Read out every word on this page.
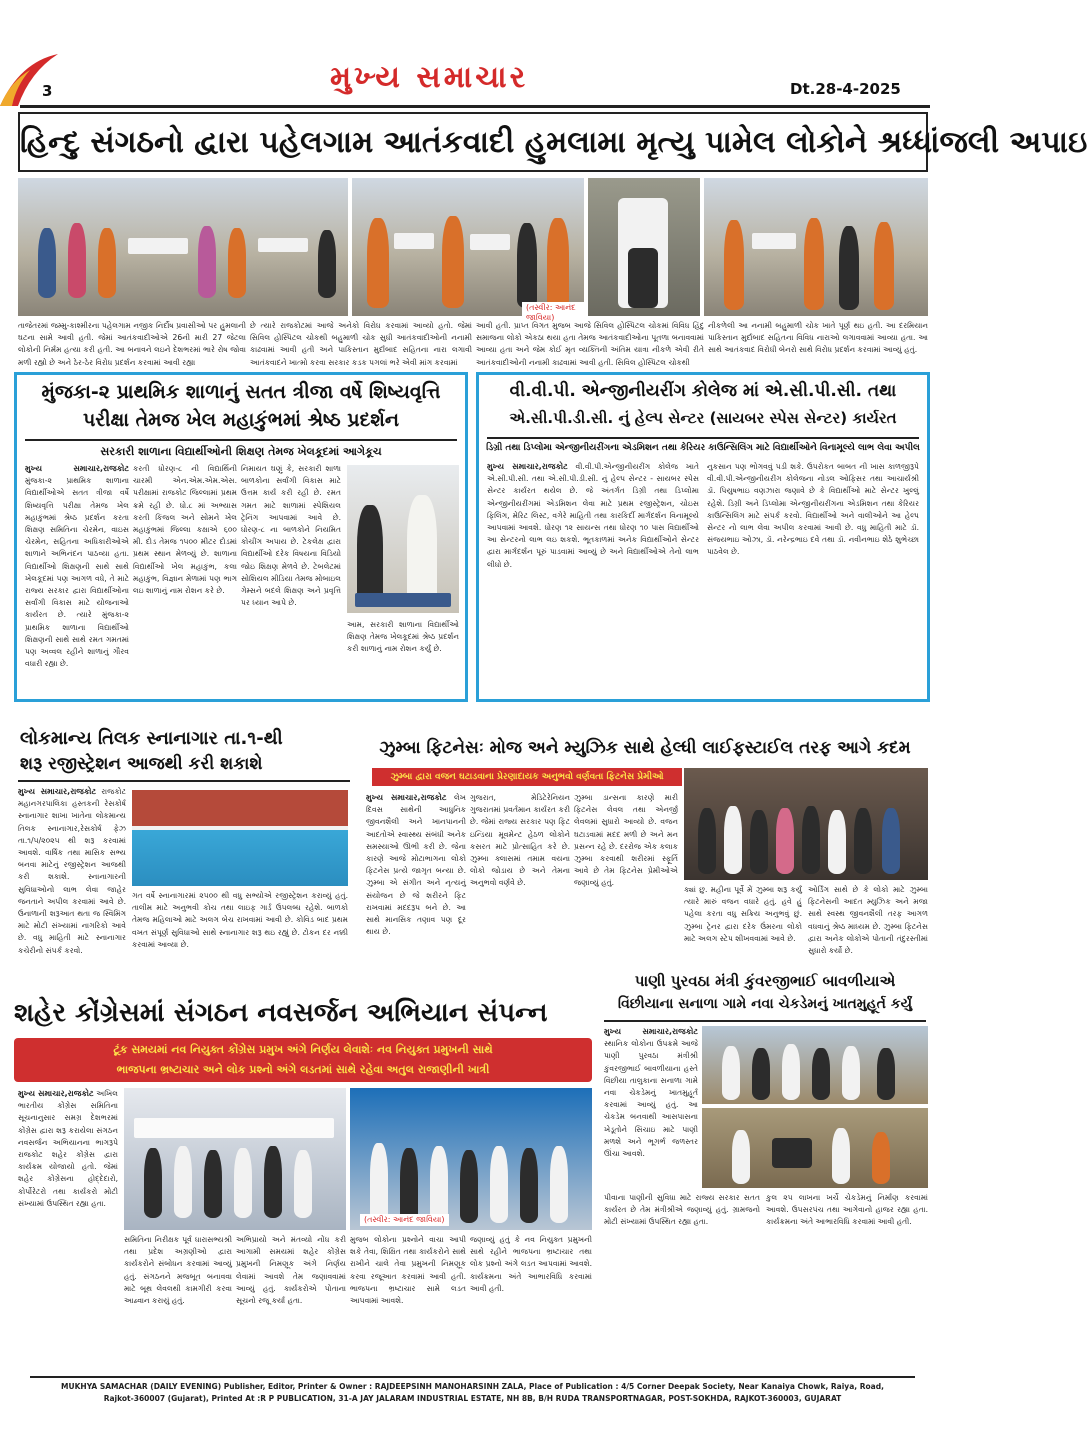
3	મુખ્ય સમાચાર	Dt.28-4-2025
હિન્દુ સંગઠનો દ્વારા પહેલગામ આતંકવાદી હુમલામા મૃત્યુ પામેલ લોકોને શ્રધ્ધાંજલી અપાઇ
(તસ્વીર: આનંદ જાવિયા)
તાજેતરમાં જમ્મુ-કાશ્મીરના પહેલગામ નજીક નિર્દોષ પ્રવાસીઓ પર હુમલાની ઘટના સામે આવી હતી. જેમાં આતંકવાદીઓએ 26ની મારી 27 જેટલા લોકોની નિર્મમ હત્યા કરી હતી. આ બનાવને લઇને દેશભરમાં ભારે રોષ જોવા મળી રહ્યો છે અને ઠેર-ઠેર વિરોધ પ્રદર્શન કરવામાં આવી રહ્યા
છે ત્યારે રાજકોટમાં આજે અનેકો વિરોધ કરવામાં આવ્યો હતો. જેમાં સિવિલ હોસ્પિટલ ચોકથી બહુમાળી ચોક સુધી આતંકવાદીઓની નનામી કાઢવામાં આવી હતી અને પાકિસ્તાન મુર્દાબાદ સહિતના નારા લગાવી આતંકવાદને ખાત્મો કરવા સરકાર કડક પગલાં ભરે એવી માંગ કરવામાં
આવી હતી. પ્રાપ્ત વિગત મુજબ આજે સિવિલ હોસ્પિટલ ચોકમાં વિવિધ હિંદુ સમાજના લોકો એકઠા થયા હતા તેમજ આતંકવાદીઓના પૂતળા બનાવવામાં આવ્યા હતા અને જેમ કોઈ મૃત વ્યક્તિની અંતિમ યાત્રા નીકળે એવી રીતે આતંકવાદીઓની નનામી કાઢવામાં આવી હતી. સિવિલ હોસ્પિટલ ચોકથી
નીકળેલી આ નનામી બહુમાળી ચોક ખાતે પૂર્ણ થઇ હતી. આ દરમિયાન પાકિસ્તાન મુર્દાબાદ સહિતના વિવિધ નારાઓ લગાવવામાં આવ્યા હતા. આ સાથે આતંકવાદ વિરોધી બેનરો સાથે વિરોધ પ્રદર્શન કરવામાં આવ્યું હતું.
મુંજકા-૨ પ્રાથમિક શાળાનું સતત ત્રીજા વર્ષે શિષ્યવૃત્તિ
પરીક્ષા તેમજ ખેલ મહાકુંભમાં શ્રેષ્ઠ પ્રદર્શન
સરકારી શાળાના વિદ્યાર્થીઓની શિક્ષણ તેમજ ખેલકૂદમાં આગેકૂચ
મુખ્ય સમાચાર,રાજકોટ મુંજકા-૨ પ્રાથમિક શાળાના વિદ્યાર્થીઓએ સતત ત્રીજા વર્ષે શિષ્યવૃત્તિ પરીક્ષા તેમજ ખેલ મહાકુંભમાં શ્રેષ્ઠ પ્રદર્શન કરતા શિક્ષણ સમિતિના ચેરમેન, વાઇસ ચેરમેન, સહિતના અધિકારીઓએ શાળાને અભિનંદન પાઠવ્યા હતા. વિદ્યાર્થીઓ શિક્ષણની સાથે સાથે ખેલકૂદમાં પણ આગળ વધે, તે માટે રાજ્ય સરકાર દ્વારા વિદ્યાર્થીઓના સર્વાંગી વિકાસ માટે યોજનાઓ કાર્યરત છે. ત્યારે મુંજકા-૨ પ્રાથમિક શાળાના વિદ્યાર્થીઓ શિક્ષણની સાથે સાથે રમત ગમતમાં પણ અવ્વલ રહીને શાળાનું ગૌરવ વધારી રહ્યા છે.
કરતી ધોરણ-૮ ની વિદ્યાર્થિની ચારમી એન.એમ.એમ.એસ. પરીક્ષામાં રાજકોટ જિલ્લામાં પ્રથમ ક્રમે રહી છે. ધો.૮ માં અભ્યાસ કરતી કિંજલ અને સોમને ખેલ મહાકુંભમાં જિલ્લા કક્ષાએ ૬૦૦ મી. દોડ તેમજ ૧૫૦૦ મીટર દોડમાં પ્રથમ સ્થાન મેળવ્યું છે. શાળાના વિદ્યાર્થીઓ ખેલ મહાકુંભ, કલા મહાકુંભ, વિજ્ઞાન મેળામાં પણ ભાગ લઇ શાળાનું નામ રોશન કરે છે.
નિમાયત ઘણું કે, સરકારી શાળા બાળકોના સર્વાંગી વિકાસ માટે ઉત્તમ કાર્ય કરી રહી છે. રમત ગમત માટે શાળામાં સ્પેશિયલ ટ્રેનિંગ આપવામાં આવે છે. ધોરણ-૮ ના બાળકોને નિયમિત કોચીંગ અપાય છે. ટેકલેક્ષ દ્વારા વિદ્યાર્થીઓ દરેક વિષયના વિડિયો જોઇ શિક્ષણ મેળવે છે. ટેબલેટમાં સોશિયલ મીડિયા તેમજ મોબાઇલ ગેમ્સને બદલે શિક્ષણ અને પ્રવૃત્તિ પર ધ્યાન આપે છે.
આમ, સરકારી શાળાના વિદ્યાર્થીઓ શિક્ષણ તેમજ ખેલકૂદમાં શ્રેષ્ઠ પ્રદર્શન કરી શાળાનું નામ રોશન કર્યું છે.
વી.વી.પી. એન્જીનીયરીંગ કોલેજ માં એ.સી.પી.સી. તથા
એ.સી.પી.ડી.સી. નું હેલ્પ સેન્ટર (સાયબર સ્પેસ સેન્ટર) કાર્યરત
ડિગ્રી તથા ડિપ્લોમા એન્જીનીયરીંગના એડમિશન તથા કેરિયર કાઉન્સિલિંગ માટે વિદ્યાર્થીઓને વિનામૂલ્યે લાભ લેવા અપીલ
મુખ્ય સમાચાર,રાજકોટ વી.વી.પી.એન્જીનીયરીંગ કોલેજ ખાતે એ.સી.પી.સી. તથા એ.સી.પી.ડી.સી. નું હેલ્પ સેન્ટર - સાયબર સ્પેસ સેન્ટર કાર્યરત થયેલ છે. જે અંતર્ગત ડિગ્રી તથા ડિપ્લોમા એન્જીનીયરીંગમાં એડમિશન લેવા માટે પ્રથમ રજીસ્ટ્રેશન, ચોઇસ ફિલિંગ, મેરિટ લિસ્ટ, વગેરે માહિતી તથા કારકિર્દી માર્ગદર્શન વિનામૂલ્યે આપવામાં આવશે. ધોરણ ૧૨ સાયન્સ તથા ધોરણ ૧૦ પાસ વિદ્યાર્થીઓ આ સેન્ટરનો લાભ લઇ શકશે. ભૂતકાળમાં અનેક વિદ્યાર્થીઓને સેન્ટર દ્વારા માર્ગદર્શન પૂરું પાડવામાં આવ્યું છે અને વિદ્યાર્થીઓએ તેનો લાભ લીધો છે.
નુકસાન પણ ભોગવવું પડી શકે. ઉપરોકત બાબત ની ખાસ કાળજીરૂપે વી.વી.પી.એન્જીનીયરીંગ કોલેજના નોડલ ઓફિસર તથા આચાર્યશ્રી ડૉ. પિયુષભાઇ વણઝારા જણાવે છે કે વિદ્યાર્થીઓ માટે સેન્ટર ખુલ્લું રહેશે. ડિગ્રી અને ડિપ્લોમા એન્જીનીયરીંગના એડમિશન તથા કેરિયર કાઉન્સિલિંગ માટે સંપર્ક કરવો. વિદ્યાર્થીઓ અને વાલીઓને આ હેલ્પ સેન્ટર નો લાભ લેવા અપીલ કરવામાં આવી છે. વધુ માહિતી માટે ડૉ. સંજયભાઇ ઓઝા, ડૉ. નરેન્દ્રભાઇ દવે તથા ડૉ. નવીનભાઇ શેઠે શુભેચ્છા પાઠવેલ છે.
લોકમાન્ય તિલક સ્નાનાગાર તા.૧-થી
શરૂ રજીસ્ટ્રેશન આજથી કરી શકાશે
મુખ્ય સમાચાર,રાજકોટ રાજકોટ મહાનગરપાલિકા હસ્તકની રેસકોર્ષ સ્નાનાગાર શાખા ખાતેના લોકમાન્ય તિલક સ્નાનાગાર,રેસકોર્ષ ફેઝ તા.૧/૫/૨૦૨૫ થી શરૂ કરવામાં આવશે. વાર્ષિક તથા માસિક સભ્ય બનવા માટેનું રજીસ્ટ્રેશન આજથી કરી શકાશે. સ્નાનાગારની સુવિધાઓનો લાભ લેવા જાહેર જનતાને અપીલ કરવામાં આવે છે. ઉનાળાની શરૂઆત થતા જ સ્વિમિંગ માટે મોટી સંખ્યામાં નાગરિકો આવે છે. વધુ માહિતી માટે સ્નાનાગાર કચેરીનો સંપર્ક કરવો.
ગત વર્ષે સ્નાનાગારમાં ૨૫૦૦ થી વધુ સભ્યોએ રજીસ્ટ્રેશન કરાવ્યું હતું. તાલીમ માટે અનુભવી કોચ તથા લાઇફ ગાર્ડ ઉપલબ્ધ રહેશે. બાળકો તેમજ મહિલાઓ માટે અલગ બેચ રાખવામાં આવી છે. કોવિડ બાદ પ્રથમ વખત સંપૂર્ણ સુવિધાઓ સાથે સ્નાનાગાર શરૂ થઇ રહ્યું છે. ટોકન દર નક્કી કરવામાં આવ્યા છે.
ઝુમ્બા ફિટનેસઃ મોજ અને મ્યુઝિક સાથે હેલ્ધી લાઈફસ્ટાઈલ તરફ આગે કદમ
ઝુમ્બા દ્વારા વજન ઘટાડવાના પ્રેરણાદાયક અનુભવો વર્ણવતા ફિટનેસ પ્રેમીઓ
મુખ્ય સમાચાર,રાજકોટ લેખ દિવસ સાથેની આધુનિક જીવનશૈલી અને ખાનપાનની આદતોએ સ્વાસ્થ્ય સંબંધી અનેક સમસ્યાઓ ઊભી કરી છે. જેના કારણે આજે મોટાભાગના લોકો ફિટનેસ પ્રત્યે જાગૃત બન્યા છે. ઝુમ્બા એ સંગીત અને નૃત્યનું સંયોજન છે જે શરીરને ફિટ રાખવામાં મદદરૂપ બને છે. આ સાથે માનસિક તણાવ પણ દૂર થાય છે.
ગુજરાત, મેડિટેરેનિયન ગુજરાતમાં પ્રવર્તમાન કાર્યરત કરી છે. જેમાં રાજ્ય સરકાર પણ ફિટ ઇન્ડિયા મૂવમેન્ટ હેઠળ લોકોને કસરત માટે પ્રોત્સાહિત કરે છે. ઝુમ્બા ક્લાસમાં તમામ વયના લોકો જોડાય છે અને તેમના અનુભવો વર્ણવે છે.
ઝુમ્બા ડાન્સના કારણે મારી ફિટનેસ લેવલ તથા એનર્જી લેવલમાં સુધારો આવ્યો છે. વજન ઘટાડવામાં મદદ મળી છે અને મન પ્રસન્ન રહે છે. દરરોજ એક કલાક ઝુમ્બા કરવાથી શરીરમાં સ્ફૂર્તિ આવે છે તેમ ફિટનેસ પ્રેમીઓએ જણાવ્યું હતું.
ક્યાં છુ. મહીના પૂર્વે મેં ઝુમ્બા શરૂ કર્યું ત્યારે મારું વજન વધારે હતું. હવે હું પહેલા કરતા વધુ સક્રિય અનુભવું છું. ઝુમ્બા ટ્રેનર દ્વારા દરેક ઉંમરના લોકો માટે અલગ સ્ટેપ શીખવવામાં આવે છે.
ઓર્ડિંગ સાથે છે કે લોકો માટે ઝુમ્બા ફિટનેસની આદત મ્યુઝિક અને મજા સાથે સ્વસ્થ જીવનશૈલી તરફ આગળ વધવાનું શ્રેષ્ઠ માધ્યમ છે. ઝુમ્બા ફિટનેસ દ્વારા અનેક લોકોએ પોતાની તંદુરસ્તીમાં સુધારો કર્યો છે.
શહેર કોંગ્રેસમાં સંગઠન નવસર્જન અભિયાન સંપન્ન
ટૂંક સમયમાં નવ નિયુક્ત કોંગ્રેસ પ્રમુખ અંગે નિર્ણય લેવાશેઃ નવ નિયુક્ત પ્રમુખની સાથે
ભાજપના ભ્રષ્ટાચાર અને લોક પ્રશ્નો અંગે લડતમાં સાથે રહેવા અતુલ રાજાણીની ખાત્રી
મુખ્ય સમાચાર,રાજકોટ અખિલ ભારતીય કોંગ્રેસ સમિતિના સૂચનાનુસાર સમગ્ર દેશભરમાં કોંગ્રેસ દ્વારા શરૂ કરાયેલા સંગઠન નવસર્જન અભિયાનના ભાગરૂપે રાજકોટ શહેર કોંગ્રેસ દ્વારા કાર્યક્રમ યોજાયો હતો. જેમાં શહેર કોંગ્રેસના હોદ્દેદારો, કોર્પોરેટરો તથા કાર્યકરો મોટી સંખ્યામાં ઉપસ્થિત રહ્યા હતા.
(તસ્વીર: આનંદ જાવિયા)
સમિતિના નિરીક્ષક પૂર્વ ધારાસભ્યશ્રી તથા પ્રદેશ અગ્રણીઓ દ્વારા કાર્યકરોને સંબોધન કરવામાં આવ્યું હતું. સંગઠનને મજબૂત બનાવવા માટે બૂથ લેવલથી કામગીરી કરવા આહ્વાન કરાયું હતું.
અભિપ્રાયો અને મંતવ્યો નોંધ કરી આગામી સમયમાં શહેર કોંગ્રેસ પ્રમુખની નિમણૂક અંગે નિર્ણય લેવામાં આવશે તેમ જણાવવામાં આવ્યું હતું. કાર્યકરોએ પોતાના સૂચનો રજૂ કર્યા હતા.
મુજબ લોકોના પ્રશ્નોને વાચા આપી શકે તેવા, શિક્ષિત તથા કાર્યકરોને સાથે રાખીને ચાલે તેવા પ્રમુખની નિમણૂક કરવા રજૂઆત કરવામાં આવી હતી. ભાજપના ભ્રષ્ટાચાર સામે લડત આપવામાં આવશે.
જણાવ્યું હતું કે નવ નિયુક્ત પ્રમુખની સાથે રહીને ભાજપના ભ્રષ્ટાચાર તથા લોક પ્રશ્નો અંગે લડત આપવામાં આવશે. કાર્યક્રમના અંતે આભારવિધિ કરવામાં આવી હતી.
પાણી પુરવઠા મંત્રી કુંવરજીભાઈ બાવળીયાએ
વિંછીયાના સનાળા ગામે નવા ચેકડેમનું ખાતમુહૂર્ત કર્યું
મુખ્ય સમાચાર,રાજકોટ સ્થાનિક લોકોના ઉપક્રમે આજે પાણી પુરવઠા મંત્રીશ્રી કુંવરજીભાઈ બાવળીયાના હસ્તે વિંછીયા તાલુકાના સનાળા ગામે નવા ચેકડેમનું ખાતમુહૂર્ત કરવામાં આવ્યું હતું. આ ચેકડેમ બનવાથી આસપાસના ખેડૂતોને સિંચાઇ માટે પાણી મળશે અને ભૂગર્ભ જળસ્તર ઊંચા આવશે.
પીવાના પાણીની સુવિધા માટે રાજ્ય સરકાર સતત કાર્યરત છે તેમ મંત્રીશ્રીએ જણાવ્યું હતું. ગ્રામજનો મોટી સંખ્યામાં ઉપસ્થિત રહ્યા હતા.
કુલ ૨૫ લાખના ખર્ચે ચેકડેમનું નિર્માણ કરવામાં આવશે. ઉપસરપંચ તથા આગેવાનો હાજર રહ્યા હતા. કાર્યક્રમના અંતે આભારવિધિ કરવામાં આવી હતી.
MUKHYA SAMACHAR (DAILY EVENING) Publisher, Editor, Printer & Owner : RAJDEEPSINH MANOHARSINH ZALA, Place of Publication : 4/5 Corner Deepak Society, Near Kanaiya Chowk, Raiya, Road,
Rajkot-360007 (Gujarat), Printed At :R P PUBLICATION, 31-A JAY JALARAM INDUSTRIAL ESTATE, NH 8B, B/H RUDA TRANSPORTNAGAR, POST-SOKHDA, RAJKOT-360003, GUJARAT
